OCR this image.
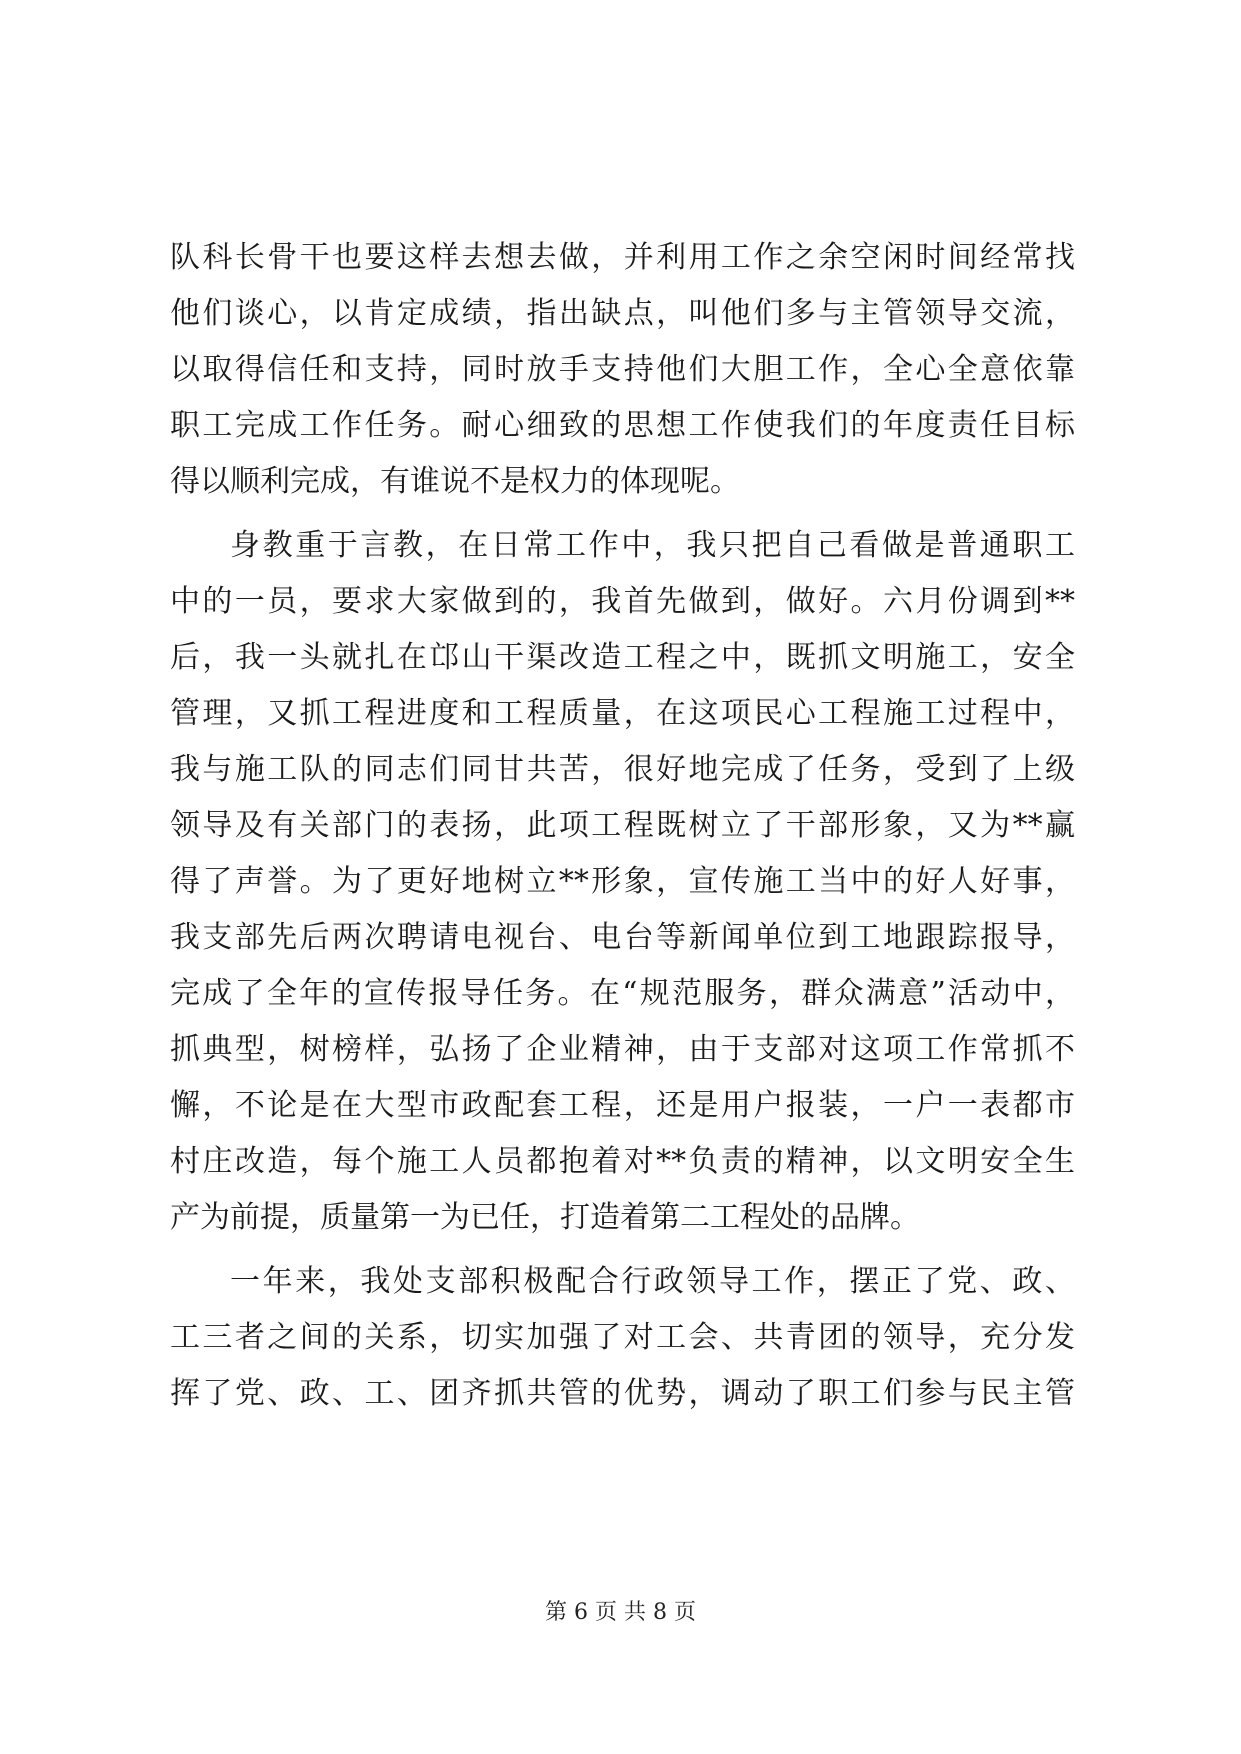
队科长骨干也要这样去想去做，并利用工作之余空闲时间经常找
他们谈心，以肯定成绩，指出缺点，叫他们多与主管领导交流，
以取得信任和支持，同时放手支持他们大胆工作，全心全意依靠
职工完成工作任务。耐心细致的思想工作使我们的年度责任目标
得以顺利完成，有谁说不是权力的体现呢。
身教重于言教，在日常工作中，我只把自己看做是普通职工
中的一员，要求大家做到的，我首先做到，做好。六月份调到**
后，我一头就扎在邙山干渠改造工程之中，既抓文明施工，安全
管理，又抓工程进度和工程质量，在这项民心工程施工过程中，
我与施工队的同志们同甘共苦，很好地完成了任务，受到了上级
领导及有关部门的表扬，此项工程既树立了干部形象，又为**赢
得了声誉。为了更好地树立**形象，宣传施工当中的好人好事，
我支部先后两次聘请电视台、电台等新闻单位到工地跟踪报导，
完成了全年的宣传报导任务。在“规范服务，群众满意”活动中，
抓典型，树榜样，弘扬了企业精神，由于支部对这项工作常抓不
懈，不论是在大型市政配套工程，还是用户报装，一户一表都市
村庄改造，每个施工人员都抱着对**负责的精神，以文明安全生
产为前提，质量第一为已任，打造着第二工程处的品牌。
一年来，我处支部积极配合行政领导工作，摆正了党、政、
工三者之间的关系，切实加强了对工会、共青团的领导，充分发
挥了党、政、工、团齐抓共管的优势，调动了职工们参与民主管
第 6 页 共 8 页
